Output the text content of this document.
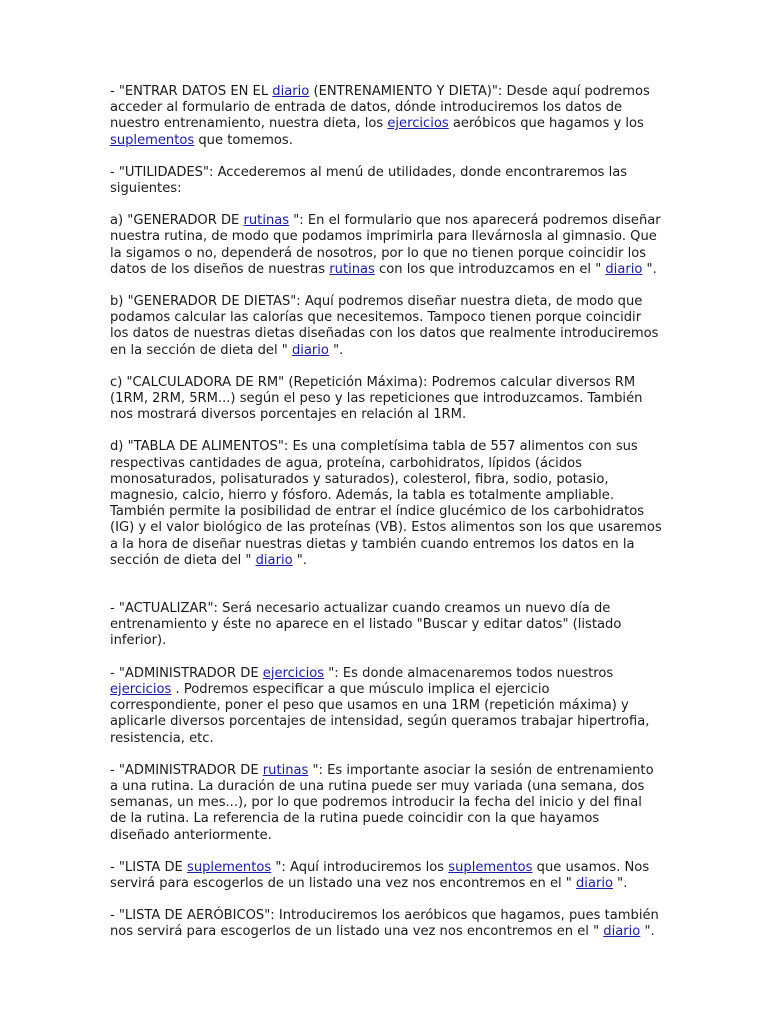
- "ENTRAR DATOS EN EL diario (ENTRENAMIENTO Y DIETA)": Desde aquí podremos acceder al formulario de entrada de datos, dónde introduciremos los datos de nuestro entrenamiento, nuestra dieta, los ejercicios aeróbicos que hagamos y los suplementos que tomemos.

- "UTILIDADES": Accederemos al menú de utilidades, donde encontraremos las siguientes:

a) "GENERADOR DE rutinas ": En el formulario que nos aparecerá podremos diseñar nuestra rutina, de modo que podamos imprimirla para llevárnosla al gimnasio. Que la sigamos o no, dependerá de nosotros, por lo que no tienen porque coincidir los datos de los diseños de nuestras rutinas con los que introduzcamos en el " diario ".

b) "GENERADOR DE DIETAS": Aquí podremos diseñar nuestra dieta, de modo que podamos calcular las calorías que necesitemos. Tampoco tienen porque coincidir los datos de nuestras dietas diseñadas con los datos que realmente introduciremos en la sección de dieta del " diario ".

c) "CALCULADORA DE RM" (Repetición Máxima): Podremos calcular diversos RM (1RM, 2RM, 5RM...) según el peso y las repeticiones que introduzcamos. También nos mostrará diversos porcentajes en relación al 1RM.

d) "TABLA DE ALIMENTOS": Es una completísima tabla de 557 alimentos con sus respectivas cantidades de agua, proteína, carbohidratos, lípidos (ácidos monosaturados, polisaturados y saturados), colesterol, fibra, sodio, potasio, magnesio, calcio, hierro y fósforo. Además, la tabla es totalmente ampliable. También permite la posibilidad de entrar el índice glucémico de los carbohidratos (IG) y el valor biológico de las proteínas (VB). Estos alimentos son los que usaremos a la hora de diseñar nuestras dietas y también cuando entremos los datos en la sección de dieta del " diario ".

- "ACTUALIZAR": Será necesario actualizar cuando creamos un nuevo día de entrenamiento y éste no aparece en el listado "Buscar y editar datos" (listado inferior).

- "ADMINISTRADOR DE ejercicios ": Es donde almacenaremos todos nuestros ejercicios . Podremos especificar a que músculo implica el ejercicio correspondiente, poner el peso que usamos en una 1RM (repetición máxima) y aplicarle diversos porcentajes de intensidad, según queramos trabajar hipertrofia, resistencia, etc.

- "ADMINISTRADOR DE rutinas ": Es importante asociar la sesión de entrenamiento a una rutina. La duración de una rutina puede ser muy variada (una semana, dos semanas, un mes...), por lo que podremos introducir la fecha del inicio y del final de la rutina. La referencia de la rutina puede coincidir con la que hayamos diseñado anteriormente.

- "LISTA DE suplementos ": Aquí introduciremos los suplementos que usamos. Nos servirá para escogerlos de un listado una vez nos encontremos en el " diario ".

- "LISTA DE AERÓBICOS": Introduciremos los aeróbicos que hagamos, pues también nos servirá para escogerlos de un listado una vez nos encontremos en el " diario ".
